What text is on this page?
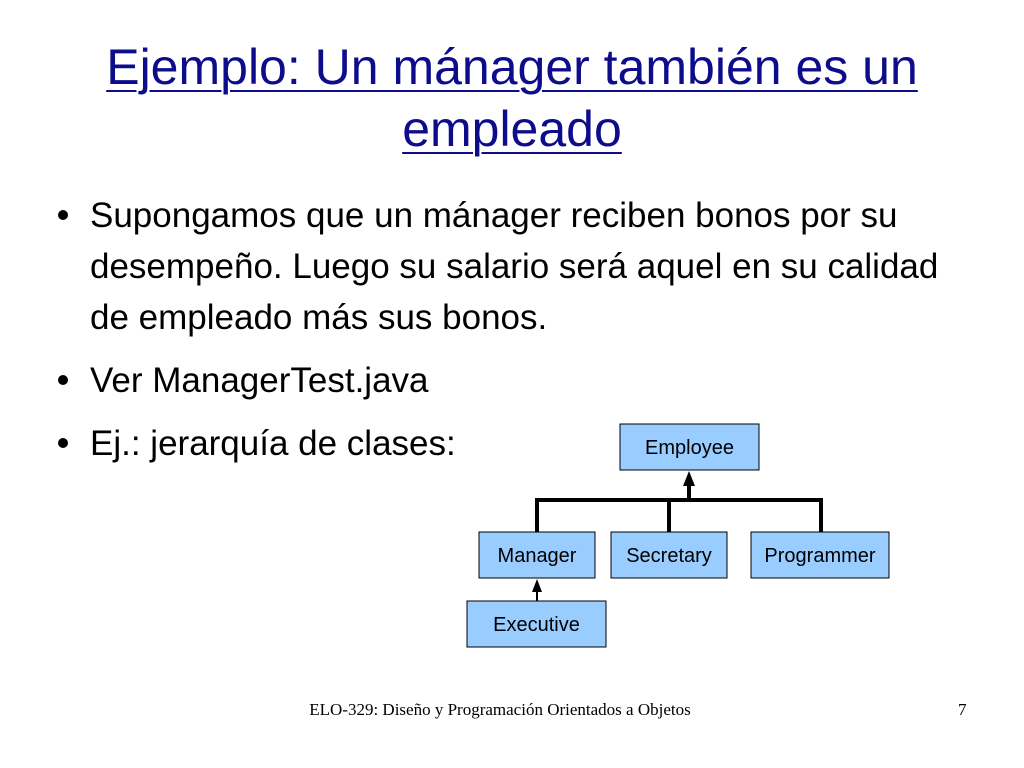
Ejemplo: Un mánager también es un empleado
Supongamos que un mánager reciben bonos por su desempeño. Luego su salario será aquel en su calidad de empleado más sus bonos.
Ver ManagerTest.java
Ej.: jerarquía de clases:	Employee
Manager Secretary	Programmer
Executive
ELO-329: Diseño y Programación Orientados a Objetos	7
